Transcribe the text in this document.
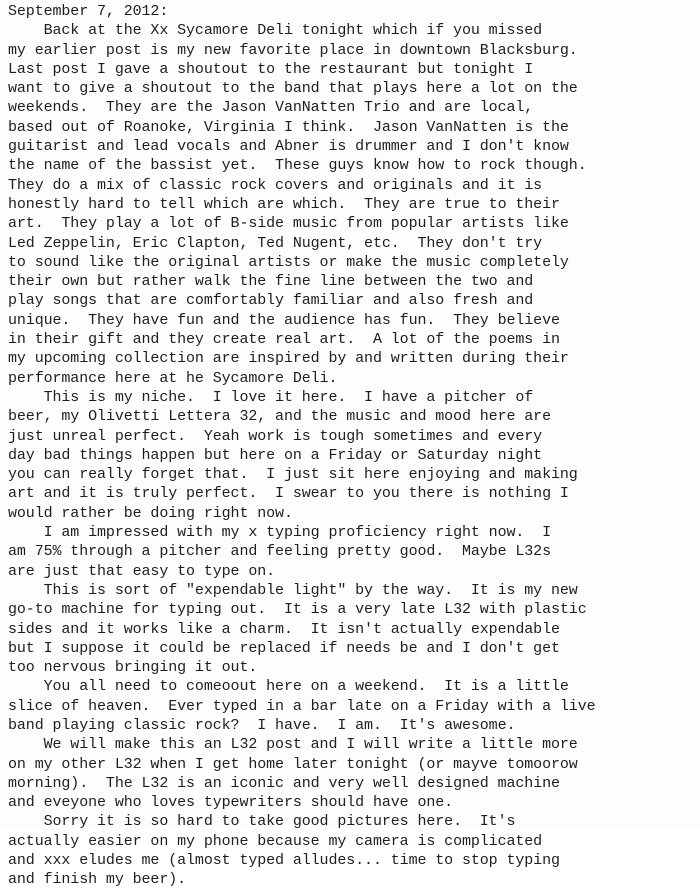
September 7, 2012:
Back at the Xx Sycamore Deli tonight which if you missed
my earlier post is my new favorite place in downtown Blacksburg.
Last post I gave a shoutout to the restaurant but tonight I
want to give a shoutout to the band that plays here a lot on the
weekends.  They are the Jason VanNatten Trio and are local,
based out of Roanoke, Virginia I think.  Jason VanNatten is the
guitarist and lead vocals and Abner is drummer and I don't know
the name of the bassist yet.  These guys know how to rock though.
They do a mix of classic rock covers and originals and it is
honestly hard to tell which are which.  They are true to their
art.  They play a lot of B-side music from popular artists like
Led Zeppelin, Eric Clapton, Ted Nugent, etc.  They don't try
to sound like the original artists or make the music completely
their own but rather walk the fine line between the two and
play songs that are comfortably familiar and also fresh and
unique.  They have fun and the audience has fun.  They believe
in their gift and they create real art.  A lot of the poems in
my upcoming collection are inspired by and written during their
performance here at he Sycamore Deli.
This is my niche.  I love it here.  I have a pitcher of
beer, my Olivetti Lettera 32, and the music and mood here are
just unreal perfect.  Yeah work is tough sometimes and every
day bad things happen but here on a Friday or Saturday night
you can really forget that.  I just sit here enjoying and making
art and it is truly perfect.  I swear to you there is nothing I
would rather be doing right now.
I am impressed with my x typing proficiency right now.  I
am 75% through a pitcher and feeling pretty good.  Maybe L32s
are just that easy to type on.
This is sort of "expendable light" by the way.  It is my new
go-to machine for typing out.  It is a very late L32 with plastic
sides and it works like a charm.  It isn't actually expendable
but I suppose it could be replaced if needs be and I don't get
too nervous bringing it out.
You all need to comeoout here on a weekend.  It is a little
slice of heaven.  Ever typed in a bar late on a Friday with a live
band playing classic rock?  I have.  I am.  It's awesome.
We will make this an L32 post and I will write a little more
on my other L32 when I get home later tonight (or mayve tomoorow
morning).  The L32 is an iconic and very well designed machine
and eveyone who loves typewriters should have one.
Sorry it is so hard to take good pictures here.  It's
actually easier on my phone because my camera is complicated
and xxx eludes me (almost typed alludes... time to stop typing
and finish my beer).
